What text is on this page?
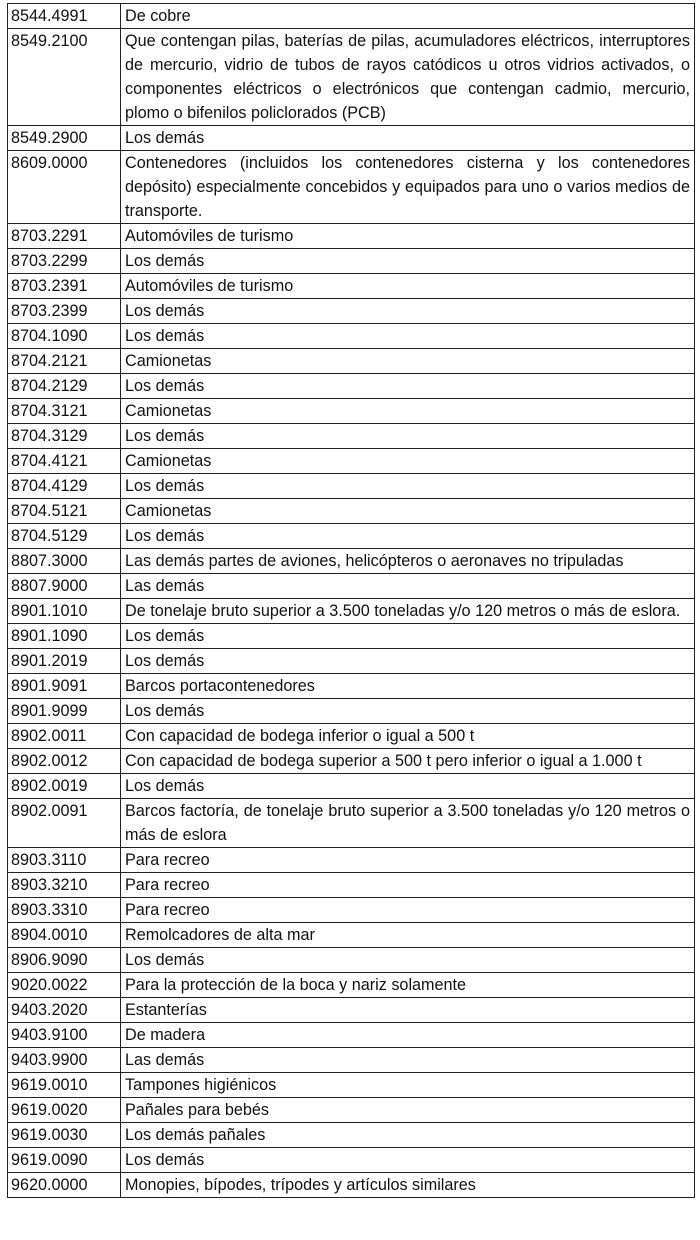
8544.4991	De cobre
8549.2100	Que contengan pilas, baterías de pilas, acumuladores eléctricos, interruptores de mercurio, vidrio de tubos de rayos catódicos u otros vidrios activados, o componentes eléctricos o electrónicos que contengan cadmio, mercurio, plomo o bifenilos policlorados (PCB)
8549.2900	Los demás
8609.0000	Contenedores (incluidos los contenedores cisterna y los contenedores depósito) especialmente concebidos y equipados para uno o varios medios de transporte.
8703.2291	Automóviles de turismo
8703.2299	Los demás
8703.2391	Automóviles de turismo
8703.2399	Los demás
8704.1090	Los demás
8704.2121	Camionetas
8704.2129	Los demás
8704.3121	Camionetas
8704.3129	Los demás
8704.4121	Camionetas
8704.4129	Los demás
8704.5121	Camionetas
8704.5129	Los demás
8807.3000	Las demás partes de aviones, helicópteros o aeronaves no tripuladas
8807.9000	Las demás
8901.1010	De tonelaje bruto superior a 3.500 toneladas y/o 120 metros o más de eslora.
8901.1090	Los demás
8901.2019	Los demás
8901.9091	Barcos portacontenedores
8901.9099	Los demás
8902.0011	Con capacidad de bodega inferior o igual a 500 t
8902.0012	Con capacidad de bodega superior a 500 t pero inferior o igual a 1.000 t
8902.0019	Los demás
8902.0091	Barcos factoría, de tonelaje bruto superior a 3.500 toneladas y/o 120 metros o más de eslora
8903.3110	Para recreo
8903.3210	Para recreo
8903.3310	Para recreo
8904.0010	Remolcadores de alta mar
8906.9090	Los demás
9020.0022	Para la protección de la boca y nariz solamente
9403.2020	Estanterías
9403.9100	De madera
9403.9900	Las demás
9619.0010	Tampones higiénicos
9619.0020	Pañales para bebés
9619.0030	Los demás pañales
9619.0090	Los demás
9620.0000	Monopies, bípodes, trípodes y artículos similares
